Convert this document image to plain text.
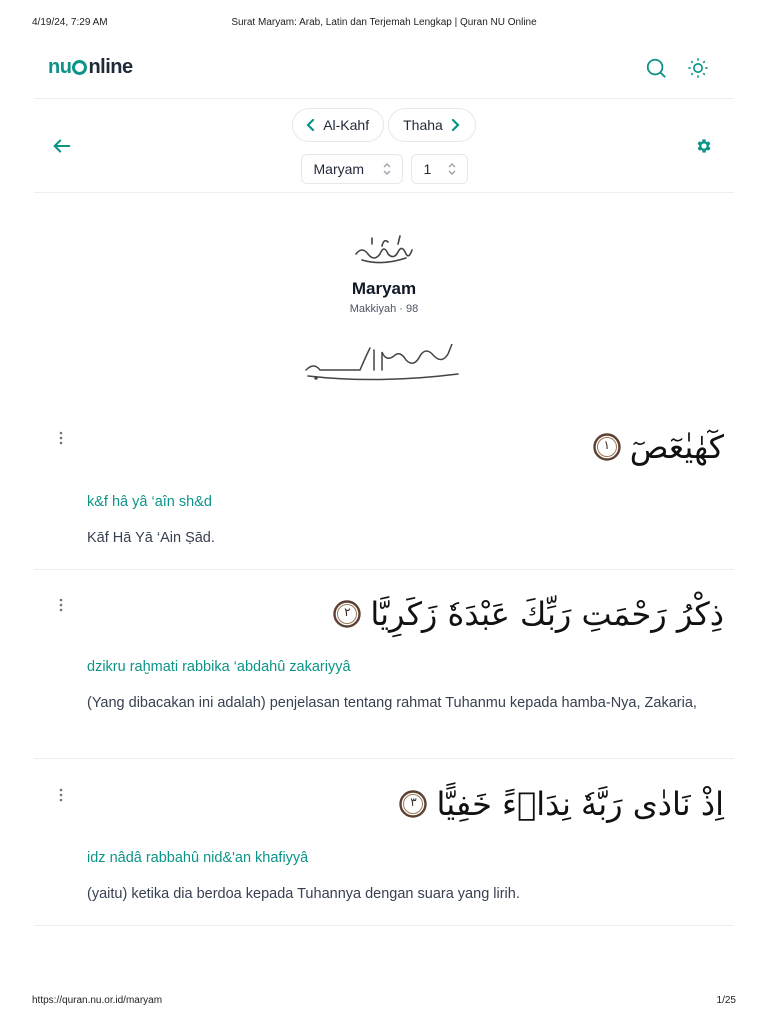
4/19/24, 7:29 AM	Surat Maryam: Arab, Latin dan Terjemah Lengkap | Quran NU Online
nu nline
Al-Kahf Thaha
Maryam	1
Maryam
Makkiyah · 98
١ كٓهٰيٰعٓصٓ
k&f hâ yâ ‘aîn sh&d
Kāf Hā Yā ‘Ain Ṣād.
٢ ذِكْرُ رَحْمَتِ رَبِّكَ عَبْدَهٗ زَكَرِيَّا
dzikru raḫmati rabbika ‘abdahû zakariyyâ
(Yang dibacakan ini adalah) penjelasan tentang rahmat Tuhanmu kepada hamba-Nya, Zakaria,
٣ اِذْ نَادٰى رَبَّهٗ نِدَاۤءً خَفِيًّا
idz nâdâ rabbahû nid&'an khafiyyâ
(yaitu) ketika dia berdoa kepada Tuhannya dengan suara yang lirih.
https://quran.nu.or.id/maryam	1/25
